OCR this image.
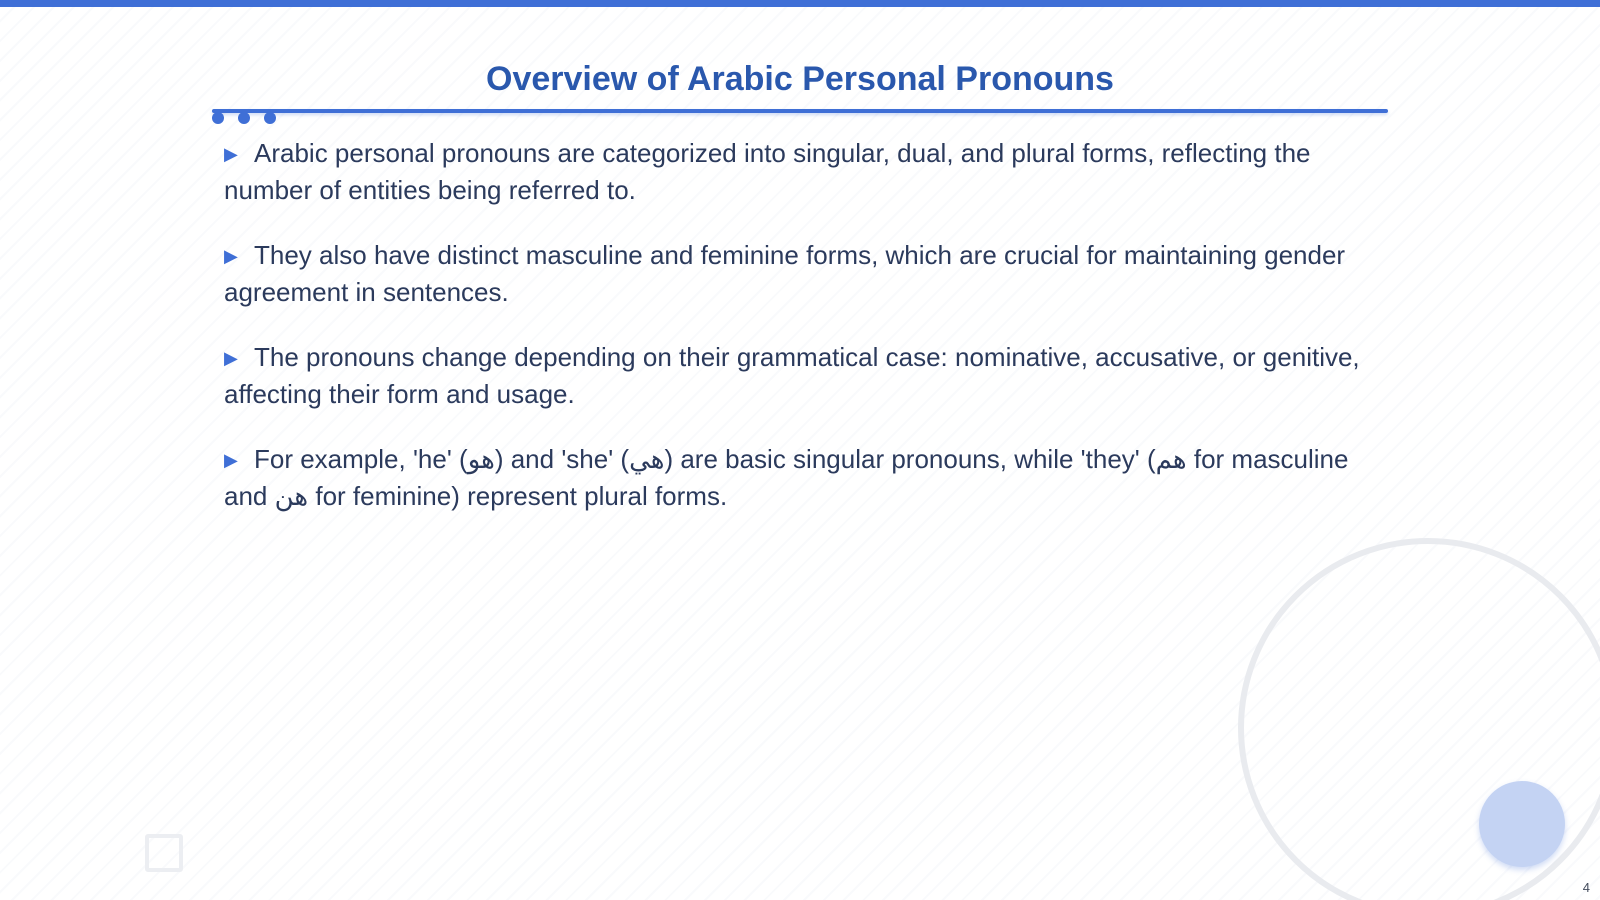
Overview of Arabic Personal Pronouns

▶ Arabic personal pronouns are categorized into singular, dual, and plural forms, reflecting the number of entities being referred to.

▶ They also have distinct masculine and feminine forms, which are crucial for maintaining gender agreement in sentences.

▶ The pronouns change depending on their grammatical case: nominative, accusative, or genitive, affecting their form and usage.

▶ For example, 'he' (هو) and 'she' (هي) are basic singular pronouns, while 'they' (هم for masculine and هن for feminine) represent plural forms.

4
